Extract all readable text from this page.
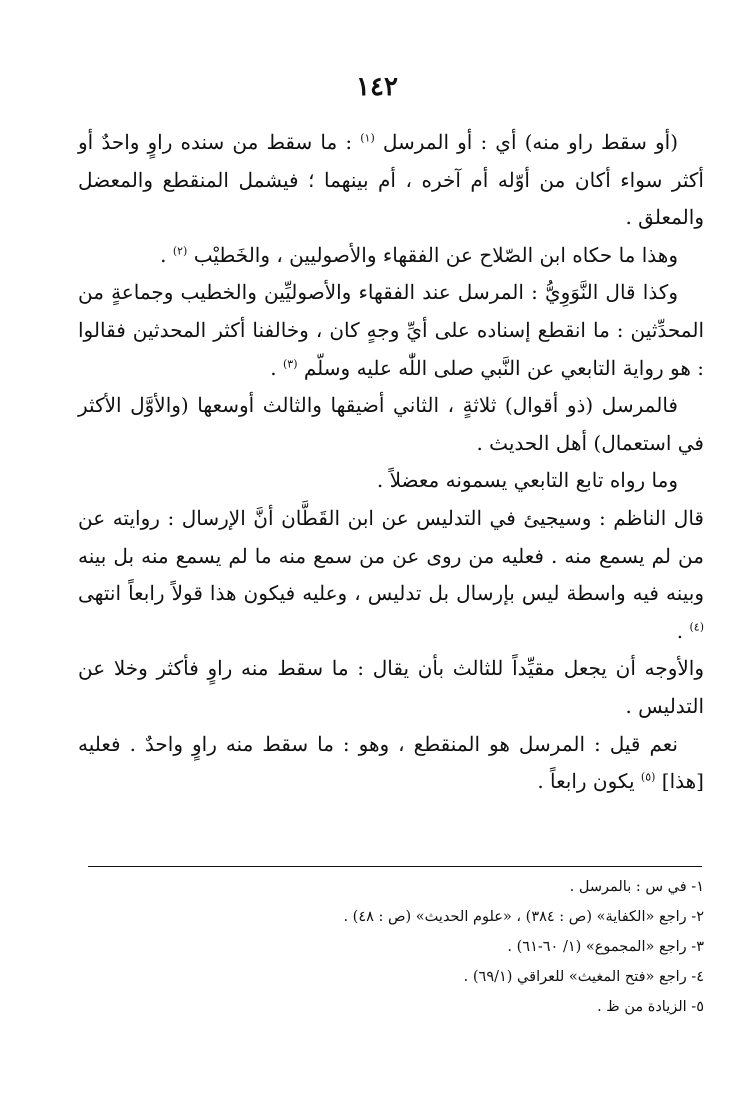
١٤٢

(أو سقط راو منه) أي : أو المرسل $^{(١)}$ : ما سقط من سنده راوٍ واحدٌ أو أكثر سواء أكان من أوّله أم آخره ، أم بينهما ؛ فيشمل المنقطع والمعضل والمعلق .

وهذا ما حكاه ابن الصّلاح عن الفقهاء والأصوليين ، والخَطيْب $^{(٢)}$ .

وكذا قال النَّوَوِيُّ : المرسل عند الفقهاء والأصوليِّين والخطيب وجماعةٍ من المحدِّثين : ما انقطع إسناده على أيِّ وجهٍ كان ، وخالفنا أكثر المحدثين فقالوا : هو رواية التابعي عن النَّبي صلى اللّٰه عليه وسلّم $^{(٣)}$ .

فالمرسل (ذو أقوال) ثلاثةٍ ، الثاني أضيقها والثالث أوسعها (والأوَّل الأكثر في استعمال) أهل الحديث .

وما رواه تابع التابعي يسمونه معضلاً .

قال الناظم : وسيجيئ في التدليس عن ابن القَطَّان أنَّ الإرسال : روايته عن من لم يسمع منه . فعليه من روى عن من سمع منه ما لم يسمع منه بل بينه وبينه فيه واسطة ليس بإرسال بل تدليس ، وعليه فيكون هذا قولاً رابعاً انتهى $^{(٤)}$ .

والأوجه أن يجعل مقيِّداً للثالث بأن يقال : ما سقط منه راوٍ فأكثر وخلا عن التدليس .

نعم قيل : المرسل هو المنقطع ، وهو : ما سقط منه راوٍ واحدٌ . فعليه [هذا] $^{(٥)}$ يكون رابعاً .

١- في س : بالمرسل .
٢- راجع «الكفاية» (ص : ٣٨٤) ، «علوم الحديث» (ص : ٤٨) .
٣- راجع «المجموع» (١/ ٦٠-٦١) .
٤- راجع «فتح المغيث» للعراقي (٦٩/١) .
٥- الزيادة من ظ .
